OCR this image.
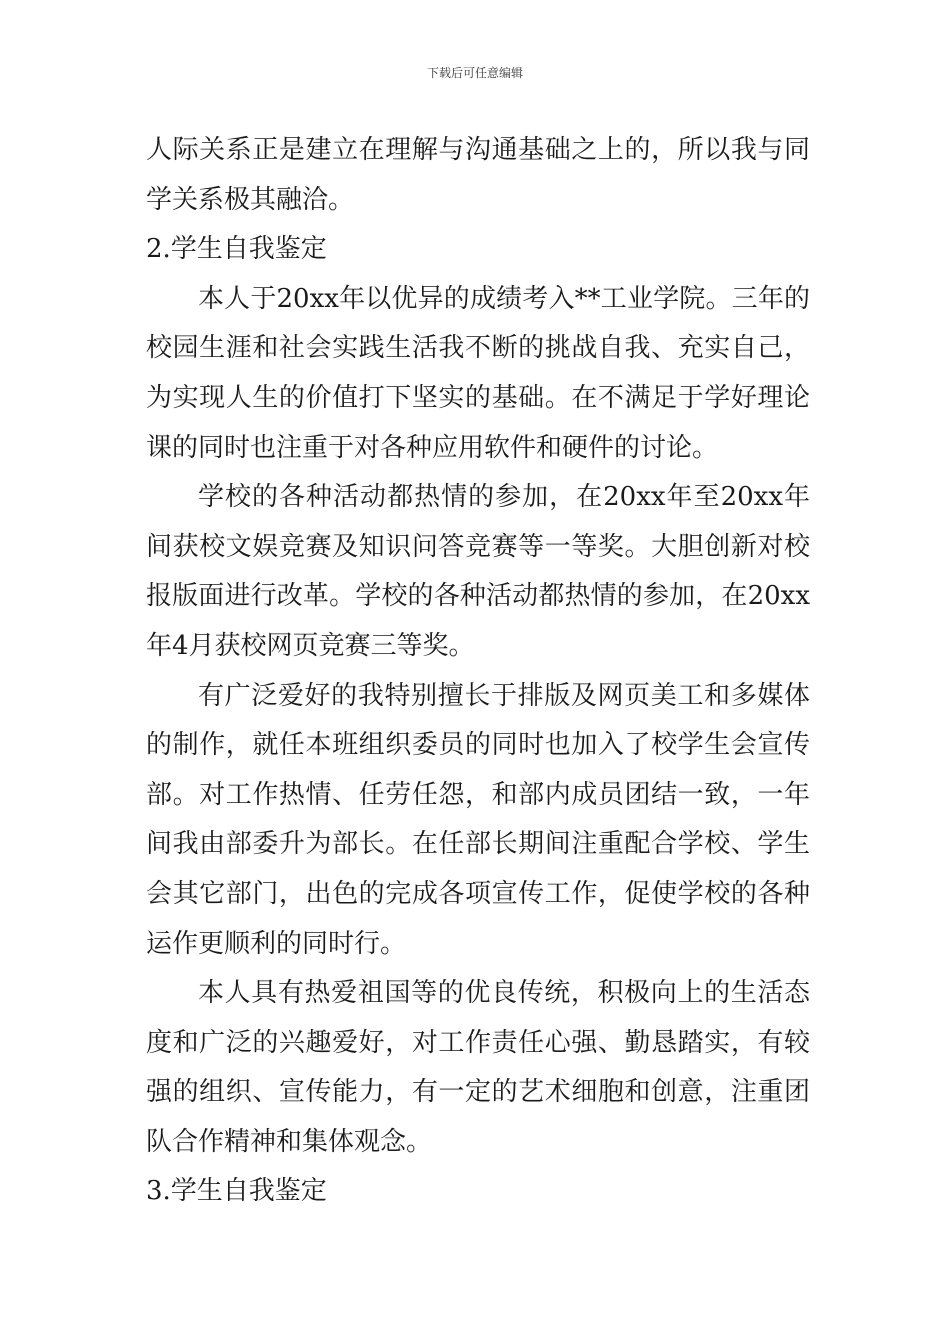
下载后可任意编辑

人际关系正是建立在理解与沟通基础之上的，所以我与同学关系极其融洽。

2.学生自我鉴定

本人于20xx年以优异的成绩考入**工业学院。三年的校园生涯和社会实践生活我不断的挑战自我、充实自己，为实现人生的价值打下坚实的基础。在不满足于学好理论课的同时也注重于对各种应用软件和硬件的讨论。

学校的各种活动都热情的参加，在20xx年至20xx年间获校文娱竞赛及知识问答竞赛等一等奖。大胆创新对校报版面进行改革。学校的各种活动都热情的参加，在20xx年4月获校网页竞赛三等奖。

有广泛爱好的我特别擅长于排版及网页美工和多媒体的制作，就任本班组织委员的同时也加入了校学生会宣传部。对工作热情、任劳任怨，和部内成员团结一致，一年间我由部委升为部长。在任部长期间注重配合学校、学生会其它部门，出色的完成各项宣传工作，促使学校的各种运作更顺利的同时行。

本人具有热爱祖国等的优良传统，积极向上的生活态度和广泛的兴趣爱好，对工作责任心强、勤恳踏实，有较强的组织、宣传能力，有一定的艺术细胞和创意，注重团队合作精神和集体观念。

3.学生自我鉴定
